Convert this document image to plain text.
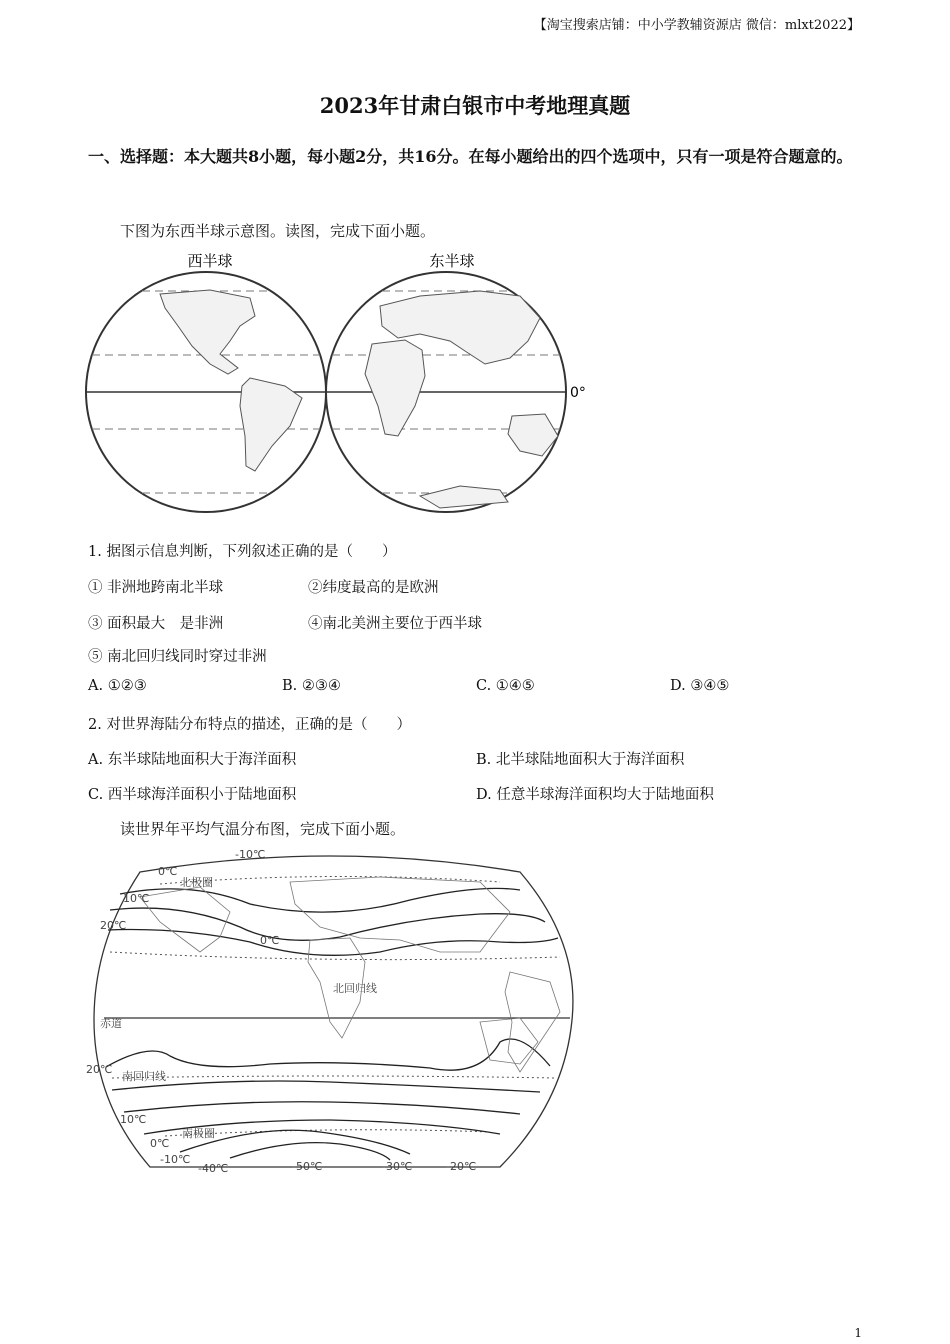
【淘宝搜索店铺：中小学教辅资源店 微信：mlxt2022】
2023年甘肃白银市中考地理真题
一、选择题：本大题共8小题，每小题2分，共16分。在每小题给出的四个选项中，只有一项是符合题意的。
下图为东西半球示意图。读图，完成下面小题。
西半球	东半球
0°
1. 据图示信息判断，下列叙述正确的是（　　）
① 非洲地跨南北半球	②纬度最高的是欧洲
③ 面积最大　是非洲	④南北美洲主要位于西半球
⑤ 南北回归线同时穿过非洲
A. ①②③	B. ②③④	C. ①④⑤	D. ③④⑤
2. 对世界海陆分布特点的描述，正确的是（　　）
A. 东半球陆地面积大于海洋面积	B. 北半球陆地面积大于海洋面积
C. 西半球海洋面积小于陆地面积	D. 任意半球海洋面积均大于陆地面积
读世界年平均气温分布图，完成下面小题。
-10℃
0℃
北极圈
10℃
20℃
0℃
北回归线
赤道
20℃
南回归线
10℃
0℃
南极圈
-10℃
-40℃	-50℃	-30℃	-20℃
1
